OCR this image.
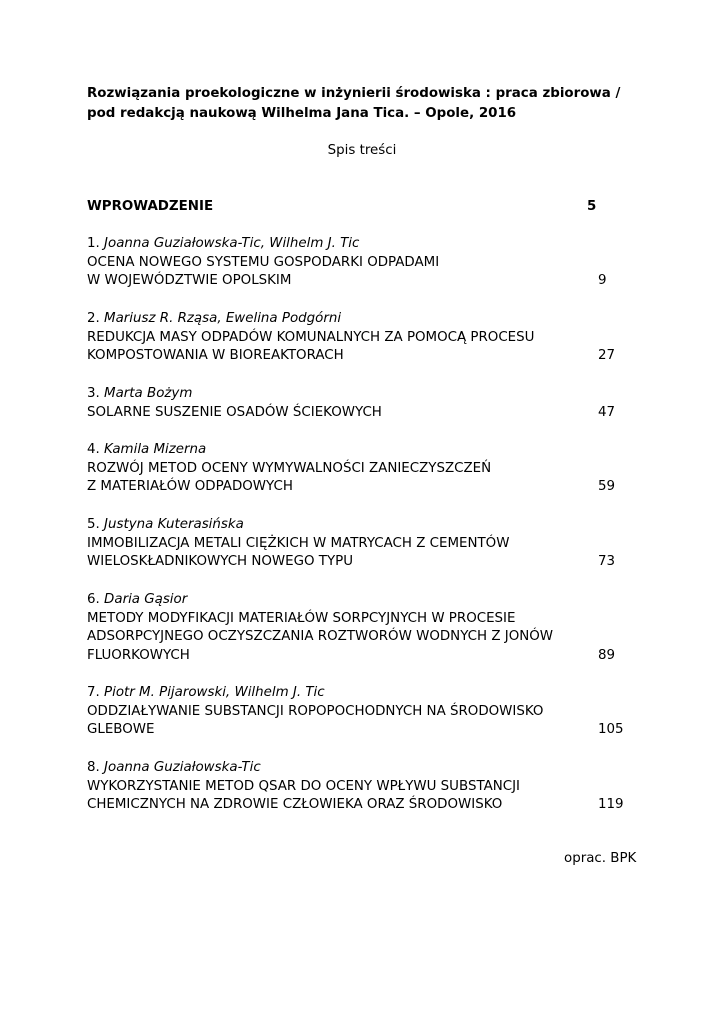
Rozwiązania proekologiczne w inżynierii środowiska : praca zbiorowa /
pod redakcją naukową Wilhelma Jana Tica. – Opole, 2016
Spis treści
WPROWADZENIE	5
1. Joanna Guziałowska-Tic, Wilhelm J. Tic
OCENA NOWEGO SYSTEMU GOSPODARKI ODPADAMI
W WOJEWÓDZTWIE OPOLSKIM	9
2. Mariusz R. Rząsa, Ewelina Podgórni
REDUKCJA MASY ODPADÓW KOMUNALNYCH ZA POMOCĄ PROCESU
KOMPOSTOWANIA W BIOREAKTORACH	27
3. Marta Bożym
SOLARNE SUSZENIE OSADÓW ŚCIEKOWYCH	47
4. Kamila Mizerna
ROZWÓJ METOD OCENY WYMYWALNOŚCI ZANIECZYSZCZEŃ
Z MATERIAŁÓW ODPADOWYCH	59
5. Justyna Kuterasińska
IMMOBILIZACJA METALI CIĘŻKICH W MATRYCACH Z CEMENTÓW
WIELOSKŁADNIKOWYCH NOWEGO TYPU	73
6. Daria Gąsior
METODY MODYFIKACJI MATERIAŁÓW SORPCYJNYCH W PROCESIE
ADSORPCYJNEGO OCZYSZCZANIA ROZTWORÓW WODNYCH Z JONÓW
FLUORKOWYCH	89
7. Piotr M. Pijarowski, Wilhelm J. Tic
ODDZIAŁYWANIE SUBSTANCJI ROPOPOCHODNYCH NA ŚRODOWISKO
GLEBOWE	105
8. Joanna Guziałowska-Tic
WYKORZYSTANIE METOD QSAR DO OCENY WPŁYWU SUBSTANCJI
CHEMICZNYCH NA ZDROWIE CZŁOWIEKA ORAZ ŚRODOWISKO	119
oprac. BPK
